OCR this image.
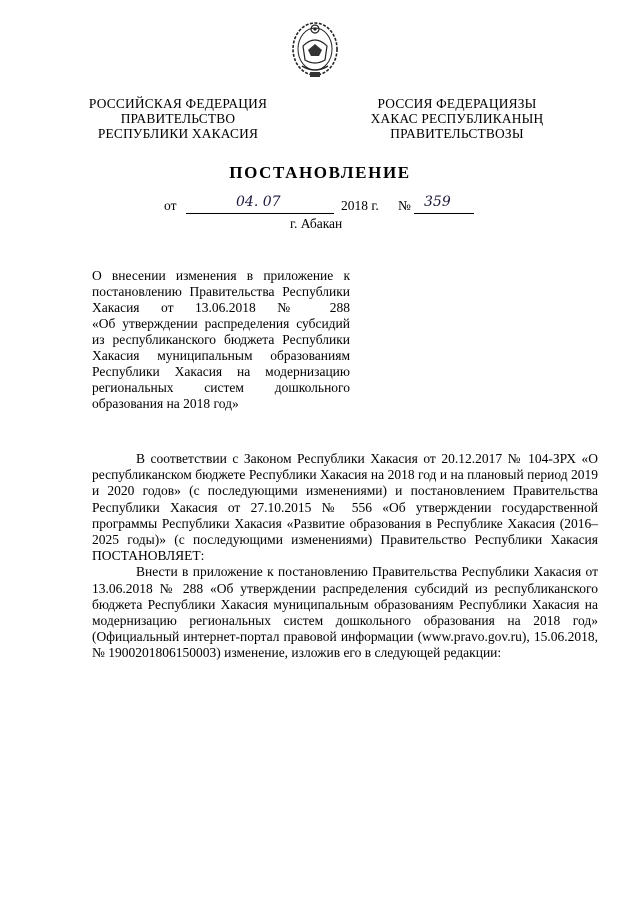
РОССИЙСКАЯ ФЕДЕРАЦИЯ
ПРАВИТЕЛЬСТВО
РЕСПУБЛИКИ ХАКАСИЯ
РОССИЯ ФЕДЕРАЦИЯЗЫ
ХАКАС РЕСПУБЛИКАНЫҢ
ПРАВИТЕЛЬСТВОЗЫ
ПОСТАНОВЛЕНИЕ
от	04. 07	2018 г. № 359
г. Абакан
О внесении изменения в приложение к
постановлению Правительства Республики
Хакасия от 13.06.2018 № 288
«Об утверждении распределения субсидий
из республиканского бюджета Республики
Хакасия муниципальным образованиям
Республики Хакасия на модернизацию
региональных систем дошкольного
образования на 2018 год»

В соответствии с Законом Республики Хакасия от 20.12.2017 № 104-ЗРХ «О республиканском бюджете Республики Хакасия на 2018 год и на плановый период 2019 и 2020 годов» (с последующими изменениями) и постановлением Правительства Республики Хакасия от 27.10.2015 № 556 «Об утверждении государственной программы Республики Хакасия «Развитие образования в Республике Хакасия (2016–2025 годы)» (с последующими изменениями) Правительство Республики Хакасия ПОСТАНОВЛЯЕТ:

Внести в приложение к постановлению Правительства Республики Хакасия от 13.06.2018 № 288 «Об утверждении распределения субсидий из республиканского бюджета Республики Хакасия муниципальным образованиям Республики Хакасия на модернизацию региональных систем дошкольного образования на 2018 год» (Официальный интернет-портал правовой информации (www.pravo.gov.ru), 15.06.2018, № 1900201806150003) изменение, изложив его в следующей редакции:
